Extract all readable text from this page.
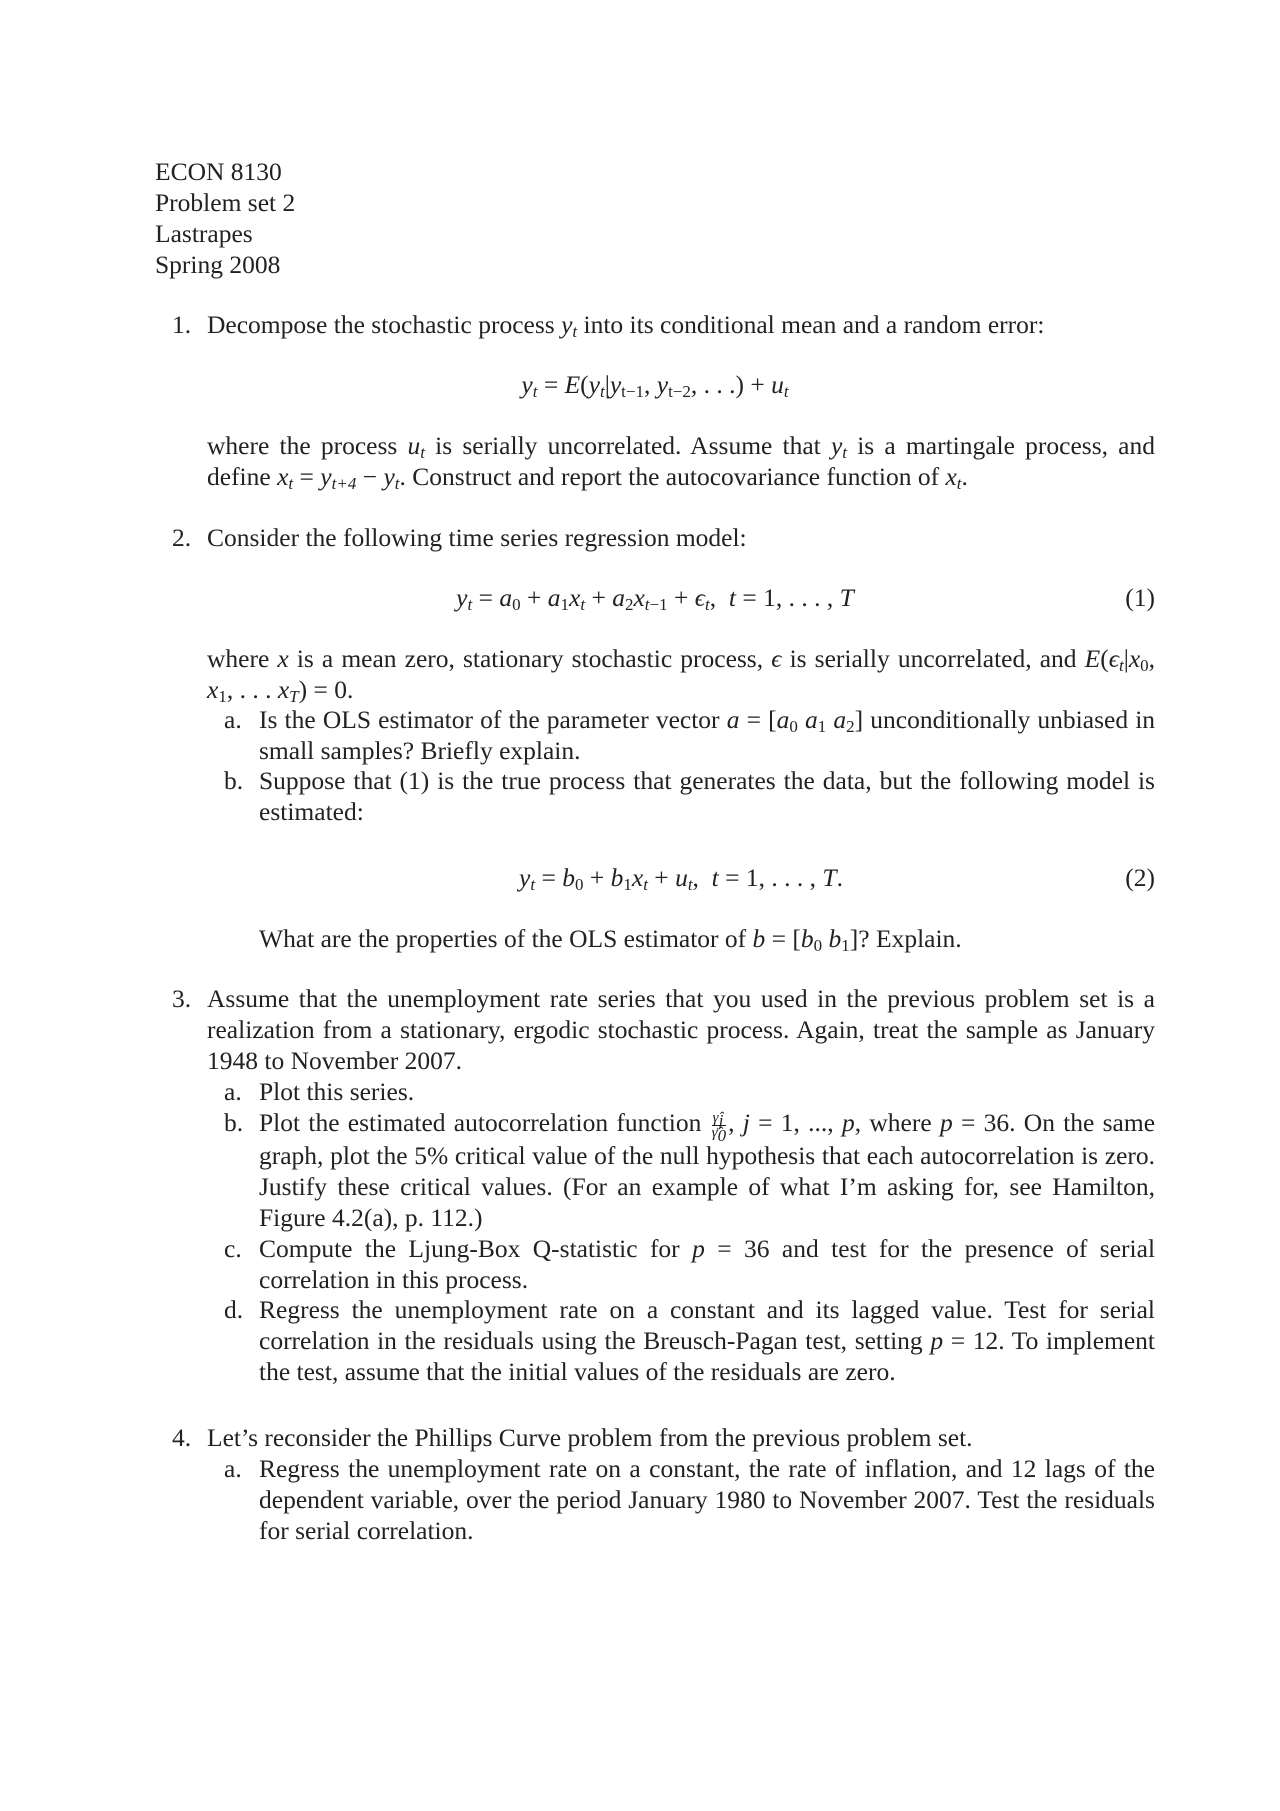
ECON 8130
Problem set 2
Lastrapes
Spring 2008
1. Decompose the stochastic process $y_t$ into its conditional mean and a random error:
$y_t = E(y_t|y_{t-1}$, $y_{t-2}$, . . .) + $u_t$
where the process $u_t$ is serially uncorrelated. Assume that $y_t$ is a martingale process, and define $x_t = y_{t+4} - y_t$. Construct and report the autocovariance function of $x_t$.
2. Consider the following time series regression model:
$y_t = a_0 + a_1x_t + a_2x_{t-1} + \epsilon_t$,  t = 1, . . . , T	(1)
where x is a mean zero, stationary stochastic process, ϵ is serially uncorrelated, and $E(\epsilon_t|x_0$, $x_1$, . . . $x_T) = 0$.
a. Is the OLS estimator of the parameter vector $a = [a_0$ $a_1$ $a_2$] unconditionally unbiased in small samples? Briefly explain.
b. Suppose that (1) is the true process that generates the data, but the following model is estimated:
$y_t = b_0 + b_1x_t + u_t$,  t = 1, . . . , T.	(2)
What are the properties of the OLS estimator of $b = [b_0$ $b_1$]? Explain.
3. Assume that the unemployment rate series that you used in the previous problem set is a realization from a stationary, ergodic stochastic process. Again, treat the sample as January 1948 to November 2007.
a. Plot this series.
b. Plot the estimated autocorrelation function $\frac{\gammâ_j}{\gammâ_0}$ , j = 1, ..., p, where p = 36. On the same graph, plot the 5% critical value of the null hypothesis that each autocorrelation is zero. Justify these critical values. (For an example of what I’m asking for, see Hamilton, Figure 4.2(a), p. 112.)
c. Compute the Ljung-Box Q-statistic for p = 36 and test for the presence of serial correlation in this process.
d. Regress the unemployment rate on a constant and its lagged value. Test for serial correlation in the residuals using the Breusch-Pagan test, setting p = 12. To implement the test, assume that the initial values of the residuals are zero.
4. Let’s reconsider the Phillips Curve problem from the previous problem set.
a. Regress the unemployment rate on a constant, the rate of inflation, and 12 lags of the dependent variable, over the period January 1980 to November 2007. Test the residuals for serial correlation.
